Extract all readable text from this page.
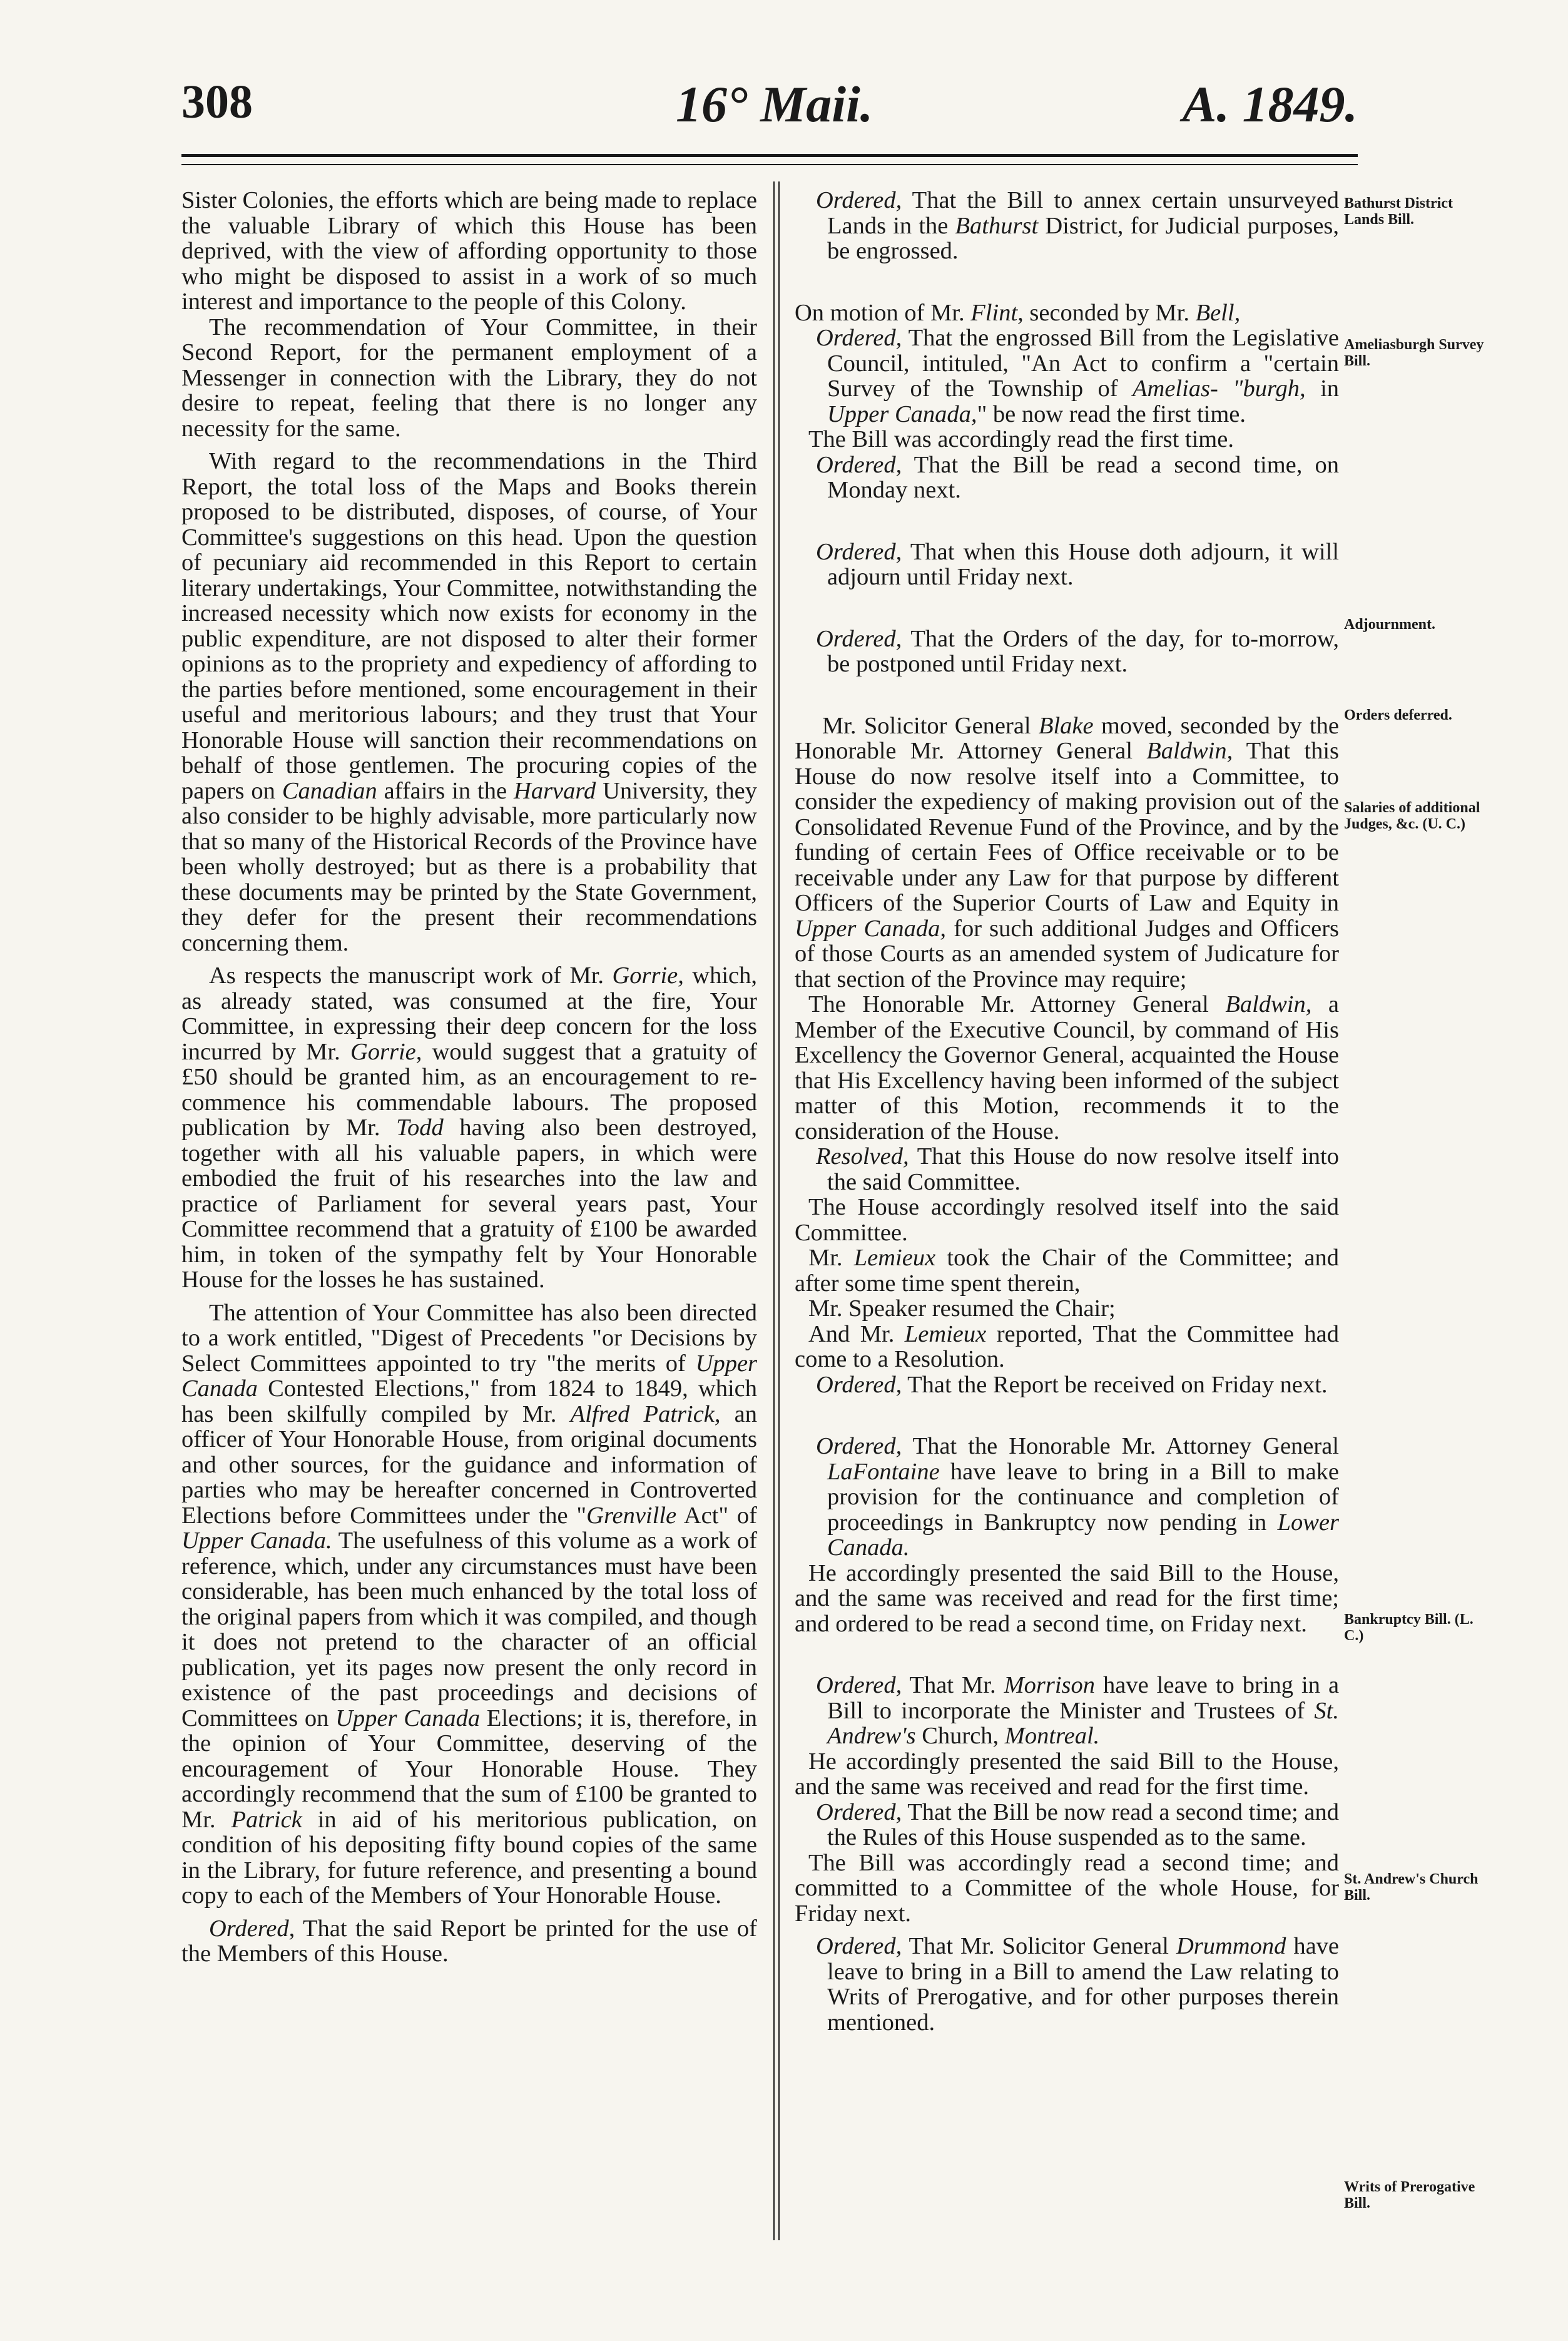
308	16° Maii.	A. 1849.

Sister Colonies, the efforts which are being made to replace the valuable Library of which this House has been deprived, with the view of affording opportunity to those who might be disposed to assist in a work of so much interest and importance to the people of this Colony.

The recommendation of Your Committee, in their Second Report, for the permanent employment of a Messenger in connection with the Library, they do not desire to repeat, feeling that there is no longer any necessity for the same.

With regard to the recommendations in the Third Report, the total loss of the Maps and Books therein proposed to be distributed, disposes, of course, of Your Committee's suggestions on this head. Upon the question of pecuniary aid recommended in this Report to certain literary undertakings, Your Committee, notwithstanding the increased necessity which now exists for economy in the public expenditure, are not disposed to alter their former opinions as to the propriety and expediency of affording to the parties before mentioned, some encouragement in their useful and meritorious labours; and they trust that Your Honorable House will sanction their recommendations on behalf of those gentlemen. The procuring copies of the papers on Canadian affairs in the Harvard University, they also consider to be highly advisable, more particularly now that so many of the Historical Records of the Province have been wholly destroyed; but as there is a probability that these documents may be printed by the State Government, they defer for the present their recommendations concerning them.

As respects the manuscript work of Mr. Gorrie, which, as already stated, was consumed at the fire, Your Committee, in expressing their deep concern for the loss incurred by Mr. Gorrie, would suggest that a gratuity of £50 should be granted him, as an encouragement to re-commence his commendable labours. The proposed publication by Mr. Todd having also been destroyed, together with all his valuable papers, in which were embodied the fruit of his researches into the law and practice of Parliament for several years past, Your Committee recommend that a gratuity of £100 be awarded him, in token of the sympathy felt by Your Honorable House for the losses he has sustained.

The attention of Your Committee has also been directed to a work entitled, "Digest of Precedents "or Decisions by Select Committees appointed to try "the merits of Upper Canada Contested Elections," from 1824 to 1849, which has been skilfully compiled by Mr. Alfred Patrick, an officer of Your Honorable House, from original documents and other sources, for the guidance and information of parties who may be hereafter concerned in Controverted Elections before Committees under the "Grenville Act" of Upper Canada. The usefulness of this volume as a work of reference, which, under any circumstances must have been considerable, has been much enhanced by the total loss of the original papers from which it was compiled, and though it does not pretend to the character of an official publication, yet its pages now present the only record in existence of the past proceedings and decisions of Committees on Upper Canada Elections; it is, therefore, in the opinion of Your Committee, deserving of the encouragement of Your Honorable House. They accordingly recommend that the sum of £100 be granted to Mr. Patrick in aid of his meritorious publication, on condition of his depositing fifty bound copies of the same in the Library, for future reference, and presenting a bound copy to each of the Members of Your Honorable House.

Ordered, That the said Report be printed for the use of the Members of this House.

Ordered, That the Bill to annex certain unsurveyed Lands in the Bathurst District, for Judicial purposes, be engrossed.

On motion of Mr. Flint, seconded by Mr. Bell,

Ordered, That the engrossed Bill from the Legislative Council, intituled, "An Act to confirm a "certain Survey of the Township of Amelias- "burgh, in Upper Canada," be now read the first time.

The Bill was accordingly read the first time.

Ordered, That the Bill be read a second time, on Monday next.

Ordered, That when this House doth adjourn, it will adjourn until Friday next.

Ordered, That the Orders of the day, for to-morrow, be postponed until Friday next.

Mr. Solicitor General Blake moved, seconded by the Honorable Mr. Attorney General Baldwin, That this House do now resolve itself into a Committee, to consider the expediency of making provision out of the Consolidated Revenue Fund of the Province, and by the funding of certain Fees of Office receivable or to be receivable under any Law for that purpose by different Officers of the Superior Courts of Law and Equity in Upper Canada, for such additional Judges and Officers of those Courts as an amended system of Judicature for that section of the Province may require;

The Honorable Mr. Attorney General Baldwin, a Member of the Executive Council, by command of His Excellency the Governor General, acquainted the House that His Excellency having been informed of the subject matter of this Motion, recommends it to the consideration of the House.

Resolved, That this House do now resolve itself into the said Committee.

The House accordingly resolved itself into the said Committee.

Mr. Lemieux took the Chair of the Committee; and after some time spent therein,

Mr. Speaker resumed the Chair;

And Mr. Lemieux reported, That the Committee had come to a Resolution.

Ordered, That the Report be received on Friday next.

Ordered, That the Honorable Mr. Attorney General LaFontaine have leave to bring in a Bill to make provision for the continuance and completion of proceedings in Bankruptcy now pending in Lower Canada.

He accordingly presented the said Bill to the House, and the same was received and read for the first time; and ordered to be read a second time, on Friday next.

Ordered, That Mr. Morrison have leave to bring in a Bill to incorporate the Minister and Trustees of St. Andrew's Church, Montreal.

He accordingly presented the said Bill to the House, and the same was received and read for the first time.

Ordered, That the Bill be now read a second time; and the Rules of this House suspended as to the same.

The Bill was accordingly read a second time; and committed to a Committee of the whole House, for Friday next.

Ordered, That Mr. Solicitor General Drummond have leave to bring in a Bill to amend the Law relating to Writs of Prerogative, and for other purposes therein mentioned.

Bathurst District Lands Bill.
Ameliasburgh Survey Bill.
Adjournment.
Orders deferred.
Salaries of additional Judges, &c. (U. C.)
Bankruptcy Bill. (L. C.)
St. Andrew's Church Bill.
Writs of Prerogative Bill.
